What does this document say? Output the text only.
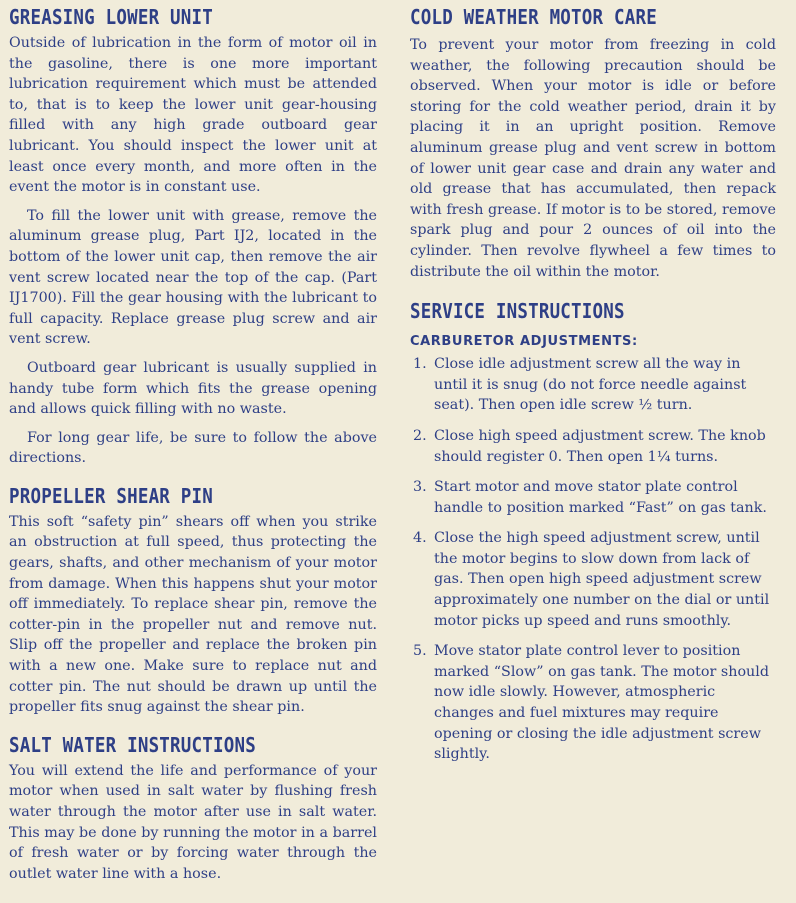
GREASING LOWER UNIT

Outside of lubrication in the form of motor oil in the gasoline, there is one more important lubrication requirement which must be attended to, that is to keep the lower unit gear-housing filled with any high grade outboard gear lubricant. You should inspect the lower unit at least once every month, and more often in the event the motor is in constant use.

To fill the lower unit with grease, remove the aluminum grease plug, Part IJ2, located in the bottom of the lower unit cap, then remove the air vent screw located near the top of the cap. (Part IJ1700). Fill the gear housing with the lubricant to full capacity. Replace grease plug screw and air vent screw.

Outboard gear lubricant is usually supplied in handy tube form which fits the grease opening and allows quick filling with no waste.

For long gear life, be sure to follow the above directions.

PROPELLER SHEAR PIN

This soft “safety pin” shears off when you strike an obstruction at full speed, thus protecting the gears, shafts, and other mechanism of your motor from damage. When this happens shut your motor off immediately. To replace shear pin, remove the cotter-pin in the propeller nut and remove nut. Slip off the propeller and replace the broken pin with a new one. Make sure to replace nut and cotter pin. The nut should be drawn up until the propeller fits snug against the shear pin.

SALT WATER INSTRUCTIONS

You will extend the life and performance of your motor when used in salt water by flushing fresh water through the motor after use in salt water. This may be done by running the motor in a barrel of fresh water or by forcing water through the outlet water line with a hose.

COLD WEATHER MOTOR CARE

To prevent your motor from freezing in cold weather, the following precaution should be observed. When your motor is idle or before storing for the cold weather period, drain it by placing it in an upright position. Remove aluminum grease plug and vent screw in bottom of lower unit gear case and drain any water and old grease that has accumulated, then repack with fresh grease. If motor is to be stored, remove spark plug and pour 2 ounces of oil into the cylinder. Then revolve flywheel a few times to distribute the oil within the motor.

SERVICE INSTRUCTIONS
CARBURETOR ADJUSTMENTS:
1. Close idle adjustment screw all the way in until it is snug (do not force needle against seat). Then open idle screw ½ turn.

2. Close high speed adjustment screw. The knob should register 0. Then open 1¼ turns.

3. Start motor and move stator plate control handle to position marked “Fast” on gas tank.

4. Close the high speed adjustment screw, until the motor begins to slow down from lack of gas. Then open high speed adjustment screw approximately one number on the dial or until motor picks up speed and runs smoothly.

5. Move stator plate control lever to position marked “Slow” on gas tank. The motor should now idle slowly. However, atmospheric changes and fuel mixtures may require opening or closing the idle adjustment screw slightly.
